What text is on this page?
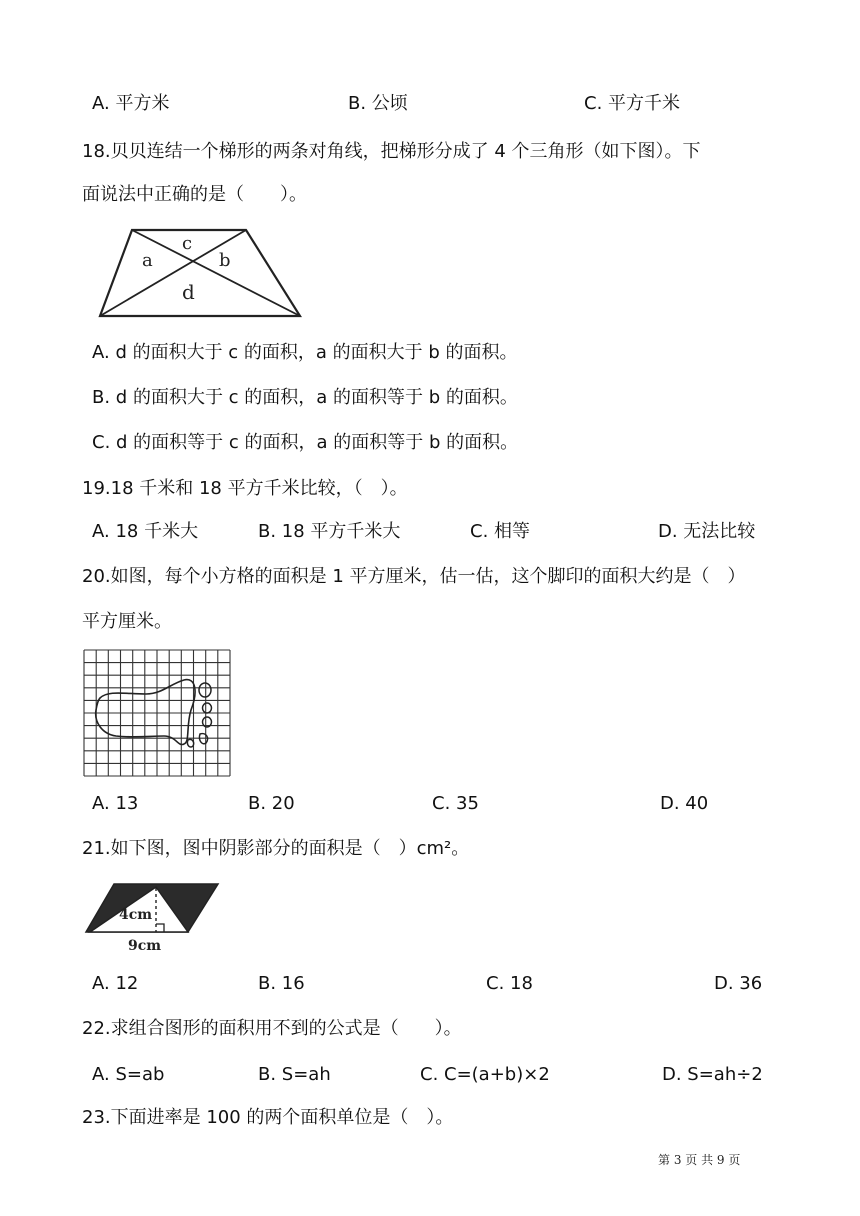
A. 平方米	B. 公顷	C. 平方千米
18.贝贝连结一个梯形的两条对角线，把梯形分成了 4 个三角形（如下图）。下
面说法中正确的是（　　）。
c
a	b
d
A. d 的面积大于 c 的面积，a 的面积大于 b 的面积。
B. d 的面积大于 c 的面积，a 的面积等于 b 的面积。
C. d 的面积等于 c 的面积，a 的面积等于 b 的面积。
19.18 千米和 18 平方千米比较，（　）。
A. 18 千米大	B. 18 平方千米大	C. 相等	D. 无法比较
20.如图，每个小方格的面积是 1 平方厘米，估一估，这个脚印的面积大约是（　）
平方厘米。
A. 13	B. 20	C. 35	D. 40
21.如下图，图中阴影部分的面积是（　）cm²。
4cm
9cm
A. 12	B. 16	C. 18	D. 36
22.求组合图形的面积用不到的公式是（　　）。
A. S=ab	B. S=ah	C. C=(a+b)×2	D. S=ah÷2
23.下面进率是 100 的两个面积单位是（　）。
第 3 页 共 9 页
